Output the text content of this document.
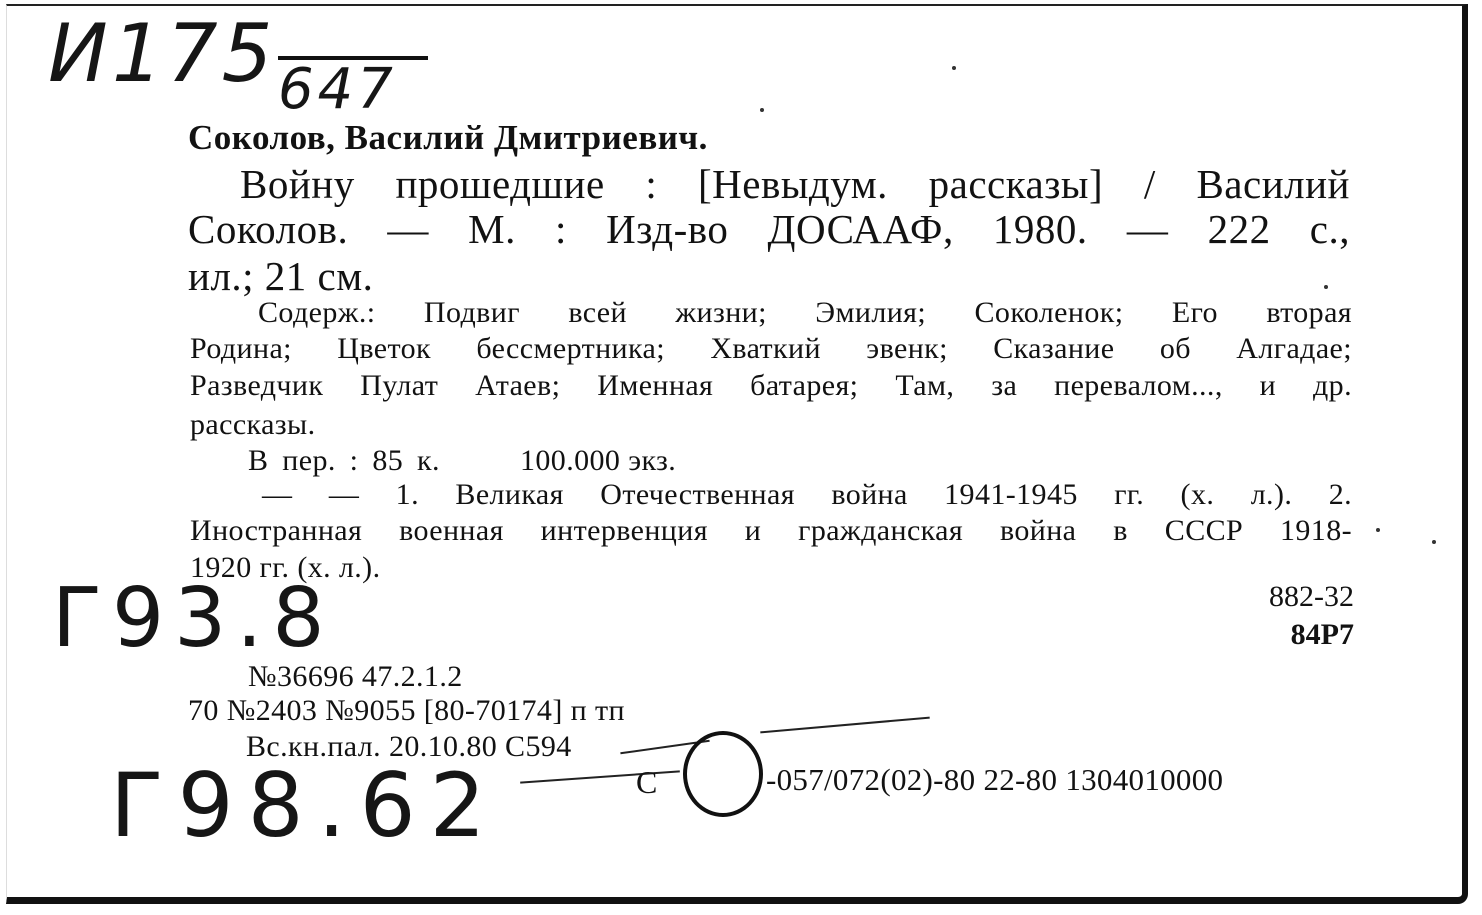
И175 647
Соколов, Василий Дмитриевич.
Войну прошедшие : [Невыдум. рассказы] / Василий
Соколов. — М. : Изд-во ДОСААФ, 1980. — 222 с.,
ил.; 21 см.
Содерж.: Подвиг всей жизни; Эмилия; Соколенок; Его вторая
Родина; Цветок бессмертника; Хваткий эвенк; Сказание об Алгадае;
Разведчик Пулат Атаев; Именная батарея; Там, за перевалом..., и др.
рассказы.
В пер. : 85 к.	100.000 экз.
— — 1. Великая Отечественная война 1941-1945 гг. (х. л.). 2.
Иностранная военная интервенция и гражданская война в СССР 1918-
1920 гг. (х. л.).
882-32
84Р7
Г93.8
№36696 47.2.1.2
70 №2403 №9055 [80-70174] п тп
Вс.кн.пал. 20.10.80 С594
С	-057/072(02)-80 22-80 1304010000
Г98.62
